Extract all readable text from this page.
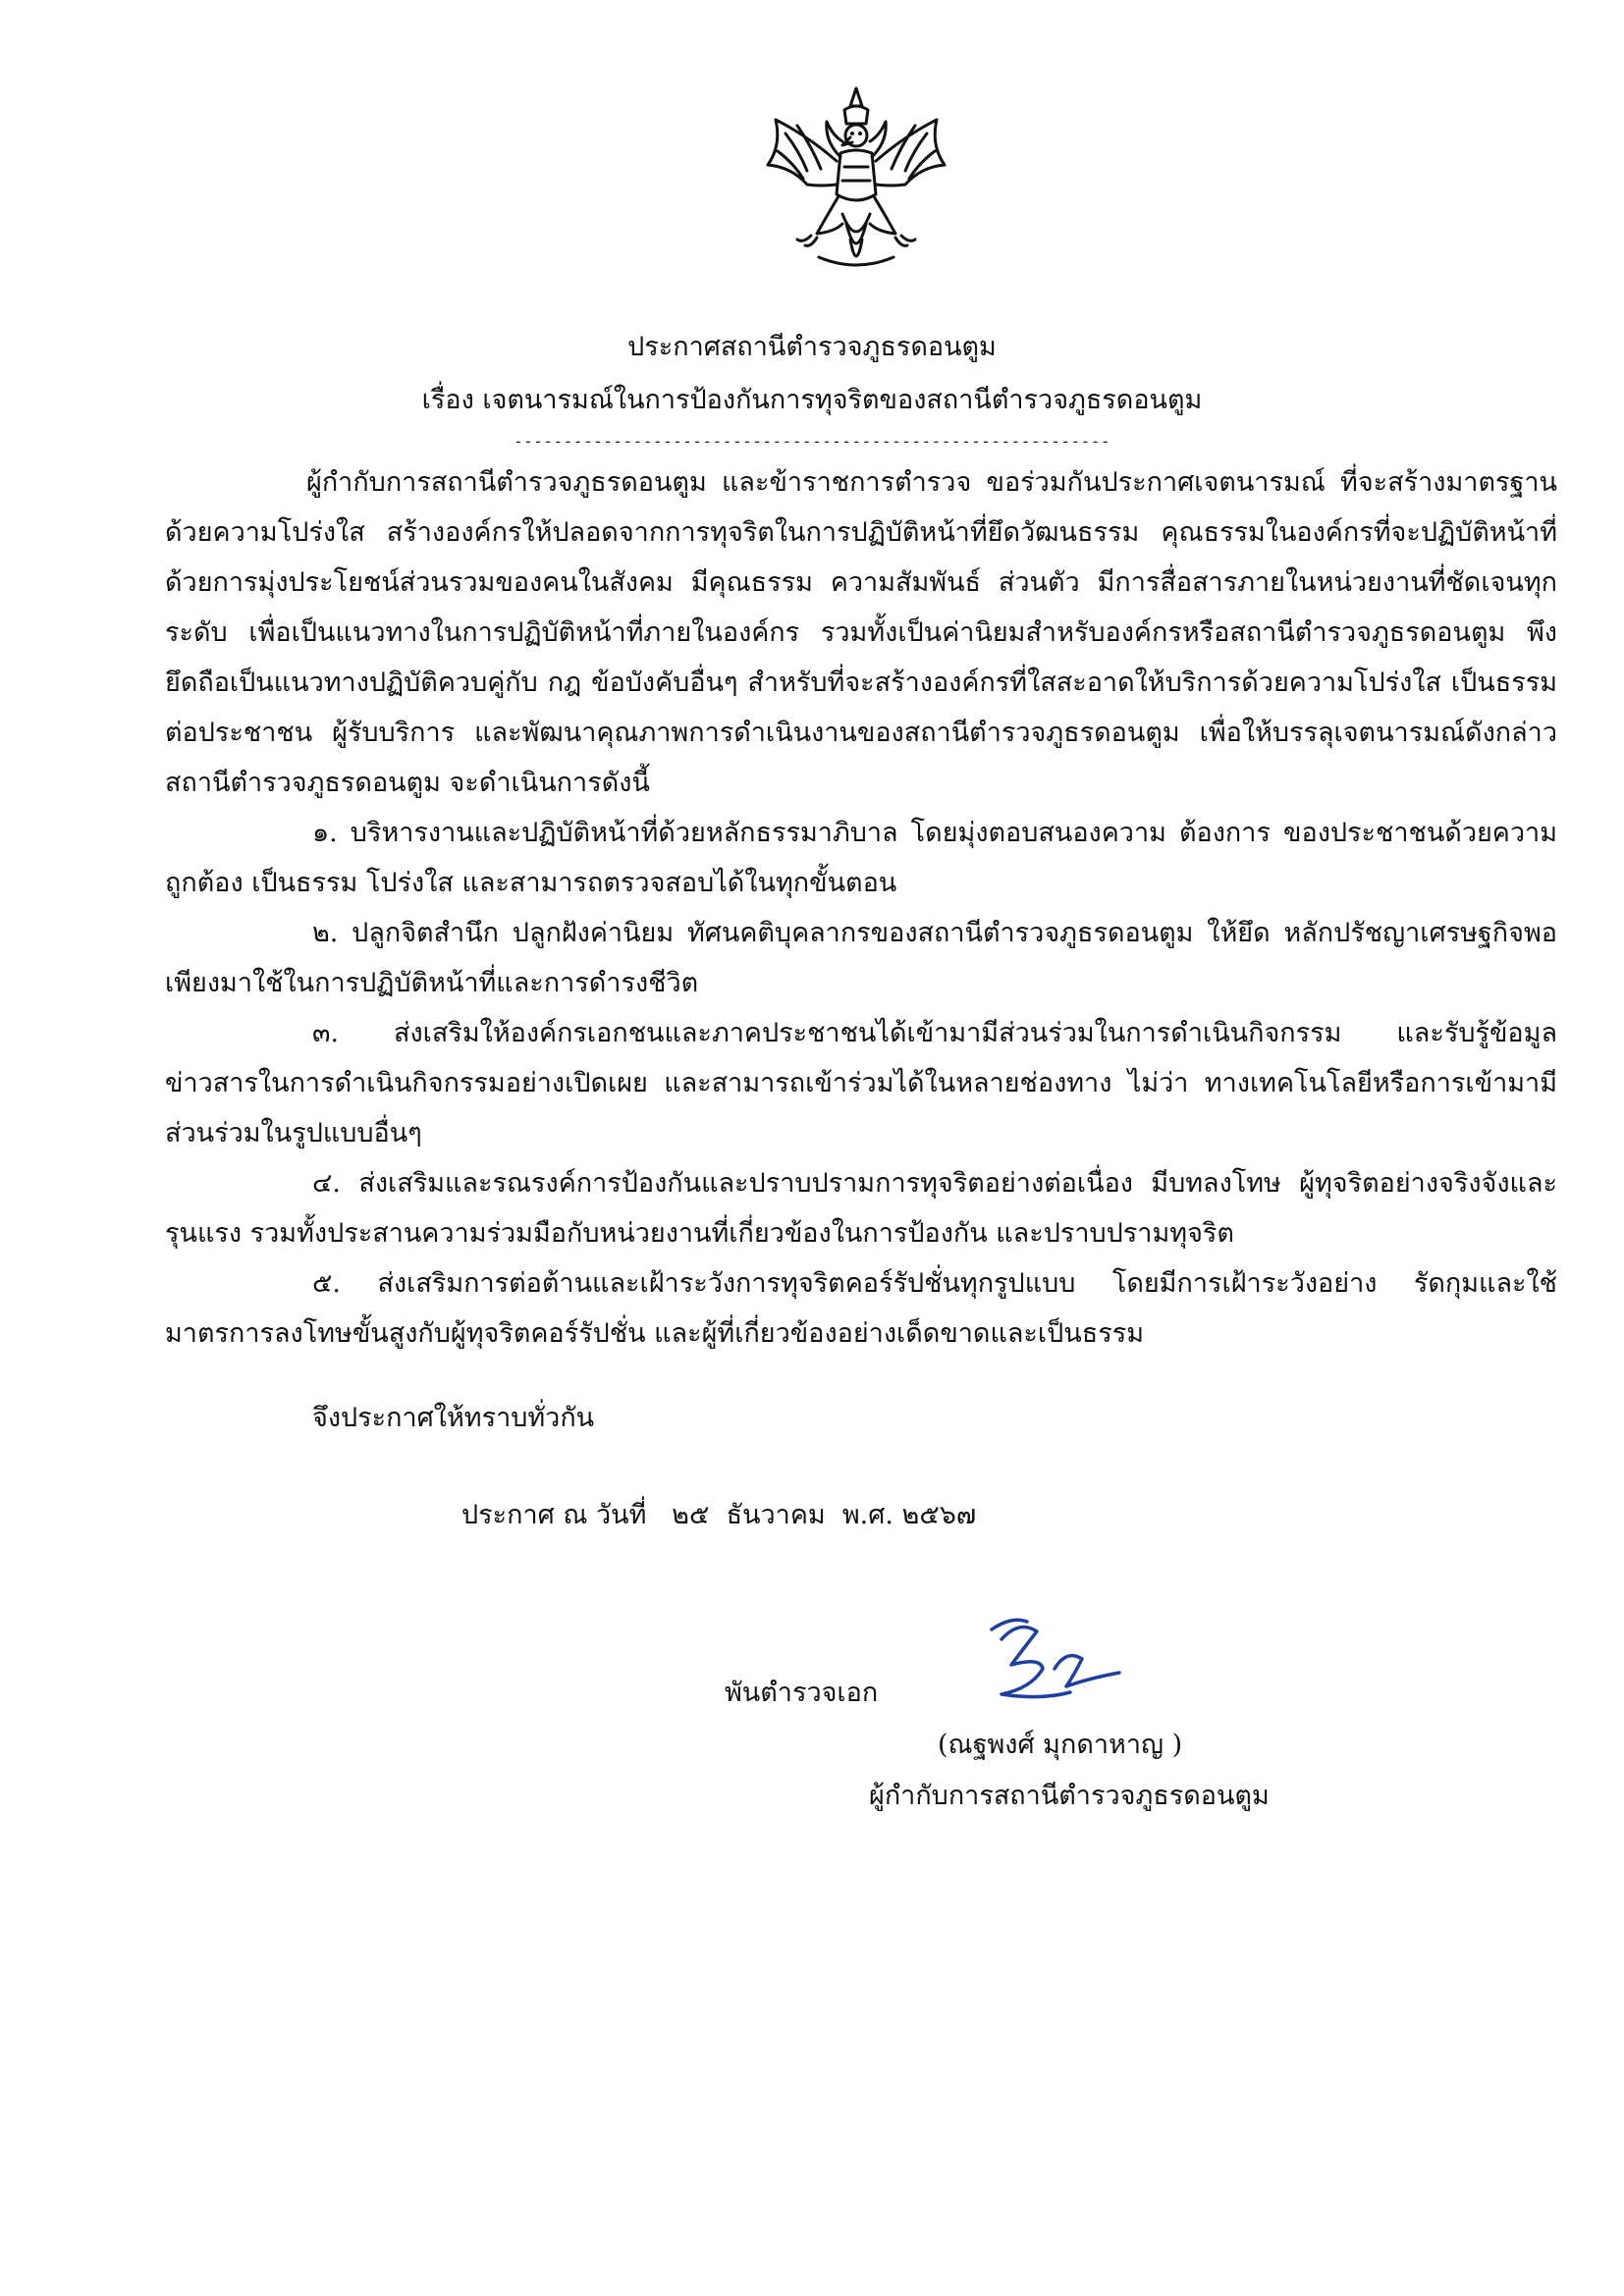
ประกาศสถานีตำรวจภูธรดอนตูม
เรื่อง เจตนารมณ์ในการป้องกันการทุจริตของสถานีตำรวจภูธรดอนตูม
------------------------------------------------------------

ผู้กำกับการสถานีตำรวจภูธรดอนตูม และข้าราชการตำรวจ ขอร่วมกันประกาศเจตนารมณ์ ที่จะสร้างมาตรฐานด้วยความโปร่งใส สร้างองค์กรให้ปลอดจากการทุจริตในการปฏิบัติหน้าที่ยึดวัฒนธรรม คุณธรรมในองค์กรที่จะปฏิบัติหน้าที่ด้วยการมุ่งประโยชน์ส่วนรวมของคนในสังคม มีคุณธรรม ความสัมพันธ์ ส่วนตัว มีการสื่อสารภายในหน่วยงานที่ชัดเจนทุกระดับ เพื่อเป็นแนวทางในการปฏิบัติหน้าที่ภายในองค์กร รวมทั้งเป็นค่านิยมสำหรับองค์กรหรือสถานีตำรวจภูธรดอนตูม พึงยึดถือเป็นแนวทางปฏิบัติควบคู่กับ กฎ ข้อบังคับอื่นๆ สำหรับที่จะสร้างองค์กรที่ใสสะอาดให้บริการด้วยความโปร่งใส เป็นธรรม ต่อประชาชน ผู้รับบริการ และพัฒนาคุณภาพการดำเนินงานของสถานีตำรวจภูธรดอนตูม เพื่อให้บรรลุเจตนารมณ์ดังกล่าว สถานีตำรวจภูธรดอนตูม จะดำเนินการดังนี้

๑. บริหารงานและปฏิบัติหน้าที่ด้วยหลักธรรมาภิบาล โดยมุ่งตอบสนองความ ต้องการ ของประชาชนด้วยความถูกต้อง เป็นธรรม โปร่งใส และสามารถตรวจสอบได้ในทุกขั้นตอน

๒. ปลูกจิตสำนึก ปลูกฝังค่านิยม ทัศนคติบุคลากรของสถานีตำรวจภูธรดอนตูม ให้ยึด หลักปรัชญาเศรษฐกิจพอเพียงมาใช้ในการปฏิบัติหน้าที่และการดำรงชีวิต

๓. ส่งเสริมให้องค์กรเอกชนและภาคประชาชนได้เข้ามามีส่วนร่วมในการดำเนินกิจกรรม และรับรู้ข้อมูลข่าวสารในการดำเนินกิจกรรมอย่างเปิดเผย และสามารถเข้าร่วมได้ในหลายช่องทาง ไม่ว่า ทางเทคโนโลยีหรือการเข้ามามีส่วนร่วมในรูปแบบอื่นๆ

๔. ส่งเสริมและรณรงค์การป้องกันและปราบปรามการทุจริตอย่างต่อเนื่อง มีบทลงโทษ ผู้ทุจริตอย่างจริงจังและรุนแรง รวมทั้งประสานความร่วมมือกับหน่วยงานที่เกี่ยวข้องในการป้องกัน และปราบปรามทุจริต

๕. ส่งเสริมการต่อต้านและเฝ้าระวังการทุจริตคอร์รัปชั่นทุกรูปแบบ โดยมีการเฝ้าระวังอย่าง รัดกุมและใช้มาตรการลงโทษขั้นสูงกับผู้ทุจริตคอร์รัปชั่น และผู้ที่เกี่ยวข้องอย่างเด็ดขาดและเป็นธรรม

จึงประกาศให้ทราบทั่วกัน
ประกาศ ณ วันที่   ๒๕  ธันวาคม  พ.ศ. ๒๕๖๗
พันตำรวจเอก
(ณฐพงศ์ มุกดาหาญ )
ผู้กำกับการสถานีตำรวจภูธรดอนตูม
